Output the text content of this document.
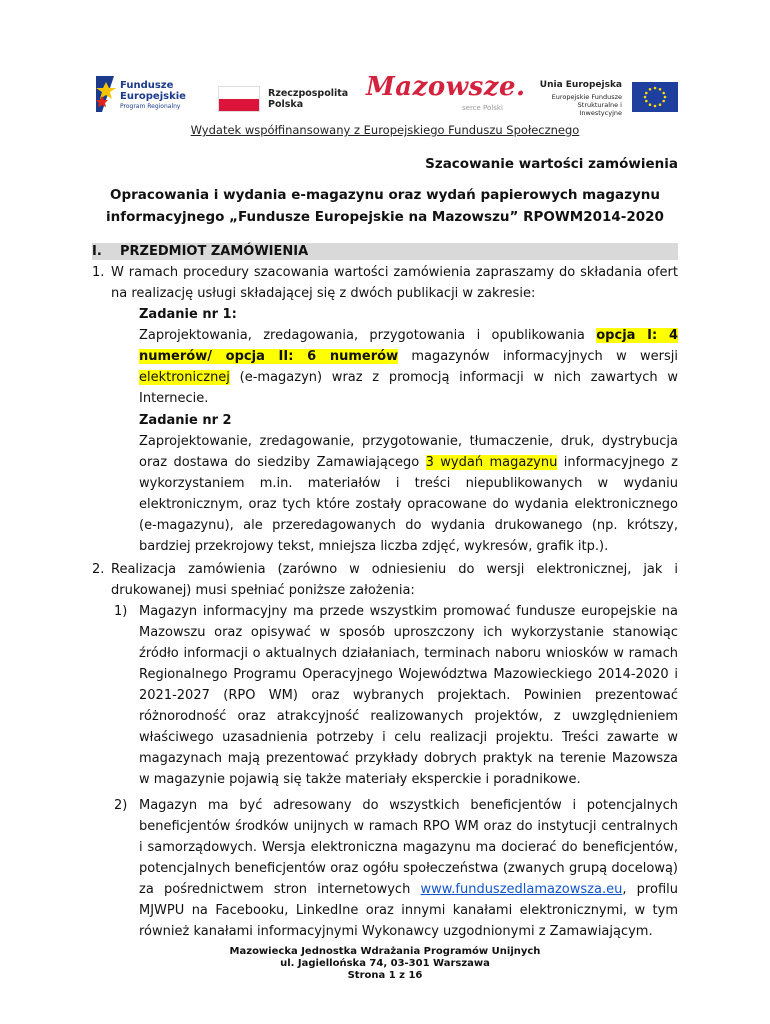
Fundusze Europejskie
Program Regionalny
Rzeczpospolita Polska
Mazowsze.
serce Polski
Unia Europejska
Europejskie Fundusze Strukturalne i Inwestycyjne
Wydatek współfinansowany z Europejskiego Funduszu Społecznego
Szacowanie wartości zamówienia
Opracowania i wydania e-magazynu oraz wydań papierowych magazynu informacyjnego „Fundusze Europejskie na Mazowszu” RPOWM2014-2020
I. PRZEDMIOT ZAMÓWIENIA
1. W ramach procedury szacowania wartości zamówienia zapraszamy do składania ofert na realizację usługi składającej się z dwóch publikacji w zakresie:
Zadanie nr 1:
Zaprojektowania, zredagowania, przygotowania i opublikowania opcja I: 4 numerów/ opcja II: 6 numerów magazynów informacyjnych w wersji elektronicznej (e-magazyn) wraz z promocją informacji w nich zawartych w Internecie.
Zadanie nr 2
Zaprojektowanie, zredagowanie, przygotowanie, tłumaczenie, druk, dystrybucja oraz dostawa do siedziby Zamawiającego 3 wydań magazynu informacyjnego z wykorzystaniem m.in. materiałów i treści niepublikowanych w wydaniu elektronicznym, oraz tych które zostały opracowane do wydania elektronicznego (e-magazynu), ale przeredagowanych do wydania drukowanego (np. krótszy, bardziej przekrojowy tekst, mniejsza liczba zdjęć, wykresów, grafik itp.).
2. Realizacja zamówienia (zarówno w odniesieniu do wersji elektronicznej, jak i drukowanej) musi spełniać poniższe założenia:
1) Magazyn informacyjny ma przede wszystkim promować fundusze europejskie na Mazowszu oraz opisywać w sposób uproszczony ich wykorzystanie stanowiąc źródło informacji o aktualnych działaniach, terminach naboru wniosków w ramach Regionalnego Programu Operacyjnego Województwa Mazowieckiego 2014-2020 i 2021-2027 (RPO WM) oraz wybranych projektach. Powinien prezentować różnorodność oraz atrakcyjność realizowanych projektów, z uwzględnieniem właściwego uzasadnienia potrzeby i celu realizacji projektu. Treści zawarte w magazynach mają prezentować przykłady dobrych praktyk na terenie Mazowsza w magazynie pojawią się także materiały eksperckie i poradnikowe.
2) Magazyn ma być adresowany do wszystkich beneficjentów i potencjalnych beneficjentów środków unijnych w ramach RPO WM oraz do instytucji centralnych i samorządowych. Wersja elektroniczna magazynu ma docierać do beneficjentów, potencjalnych beneficjentów oraz ogółu społeczeństwa (zwanych grupą docelową) za pośrednictwem stron internetowych www.funduszedlamazowsza.eu, profilu MJWPU na Facebooku, LinkedIne oraz innymi kanałami elektronicznymi, w tym również kanałami informacyjnymi Wykonawcy uzgodnionymi z Zamawiającym.
Mazowiecka Jednostka Wdrażania Programów Unijnych
ul. Jagiellońska 74, 03-301 Warszawa
Strona 1 z 16
